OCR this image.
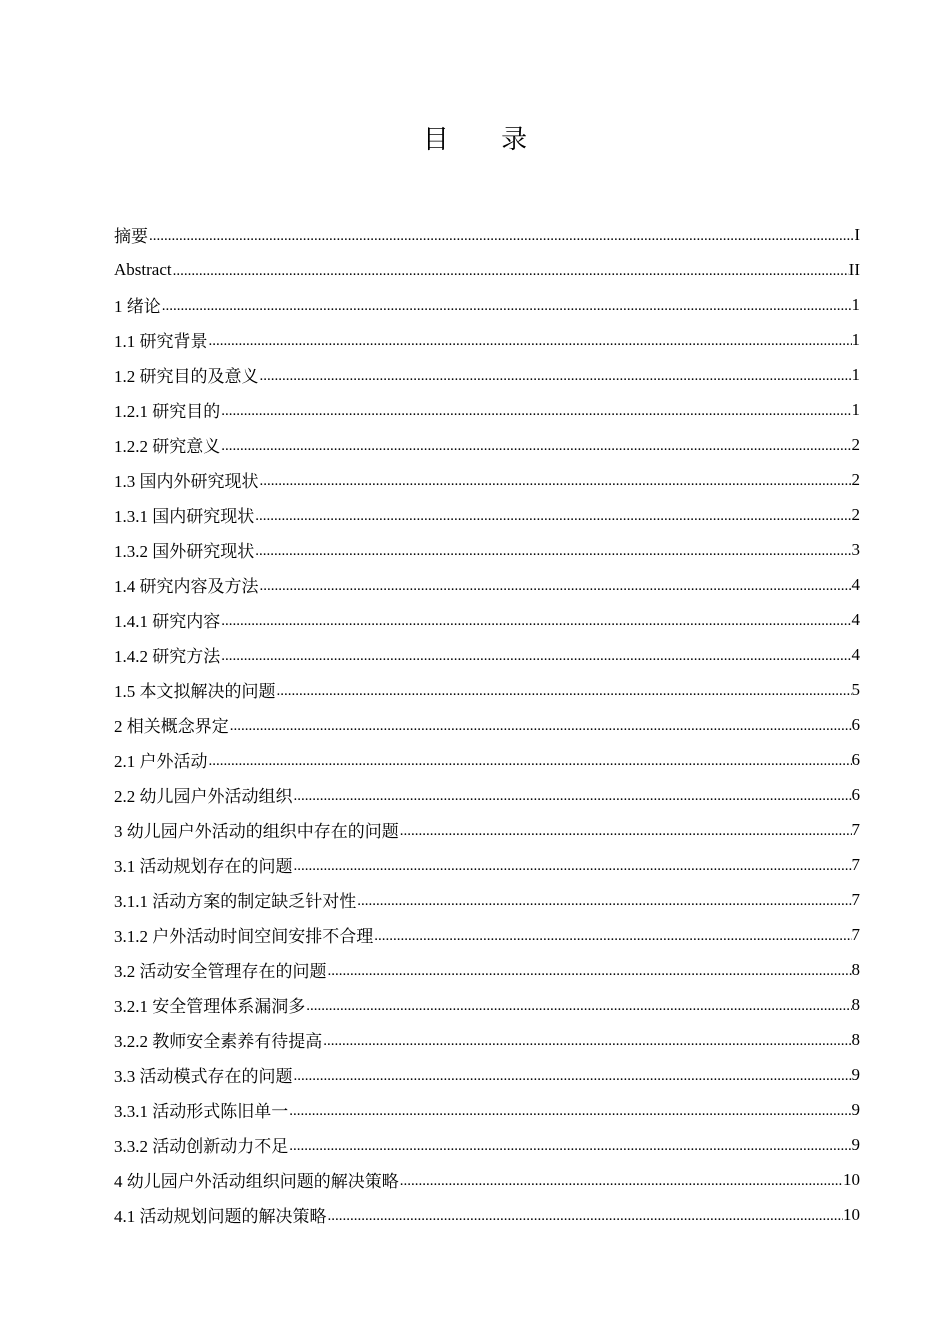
目 录
摘要 .....	I
Abstract .....	II
1 绪论 .....	1
1.1 研究背景 .....	1
1.2 研究目的及意义 .....	1
1.2.1 研究目的 .....	1
1.2.2 研究意义 .....	2
1.3 国内外研究现状 .....	2
1.3.1 国内研究现状 .....	2
1.3.2 国外研究现状 .....	3
1.4 研究内容及方法 .....	4
1.4.1 研究内容 .....	4
1.4.2 研究方法 .....	4
1.5 本文拟解决的问题 .....	5
2 相关概念界定 .....	6
2.1 户外活动 .....	6
2.2 幼儿园户外活动组织 .....	6
3 幼儿园户外活动的组织中存在的问题 .....	7
3.1 活动规划存在的问题 .....	7
3.1.1 活动方案的制定缺乏针对性 .....	7
3.1.2 户外活动时间空间安排不合理 .....	7
3.2 活动安全管理存在的问题 .....	8
3.2.1 安全管理体系漏洞多 .....	8
3.2.2 教师安全素养有待提高 .....	8
3.3 活动模式存在的问题 .....	9
3.3.1 活动形式陈旧单一 .....	9
3.3.2 活动创新动力不足 .....	9
4 幼儿园户外活动组织问题的解决策略 .....	10
4.1 活动规划问题的解决策略 .....	10
